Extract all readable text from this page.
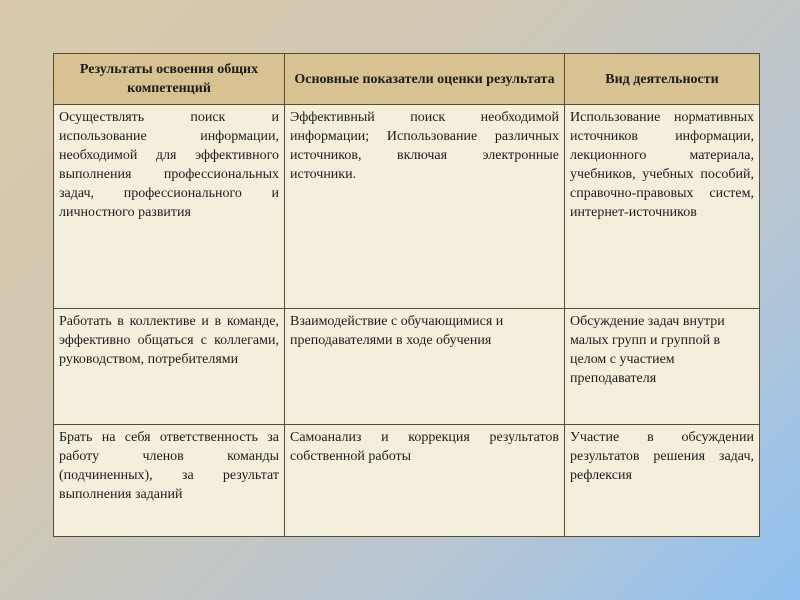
Результаты освоения общих компетенций	Основные показатели оценки результата	Вид деятельности
Осуществлять поиск и использование информации, необходимой для эффективного выполнения профессиональных задач, профессионального и личностного развития	Эффективный поиск необходимой информации; Использование различных источников, включая электронные источники.	Использование нормативных источников информации, лекционного материала, учебников, учебных пособий, справочно-правовых систем, интернет-источников
Работать в коллективе и в команде, эффективно общаться с коллегами, руководством, потребителями	Взаимодействие с обучающимися и преподавателями в ходе обучения	Обсуждение задач внутри малых групп и группой в целом с участием преподавателя
Брать на себя ответственность за работу членов команды (подчиненных), за результат выполнения заданий	Самоанализ и коррекция результатов собственной работы	Участие в обсуждении результатов решения задач, рефлексия
